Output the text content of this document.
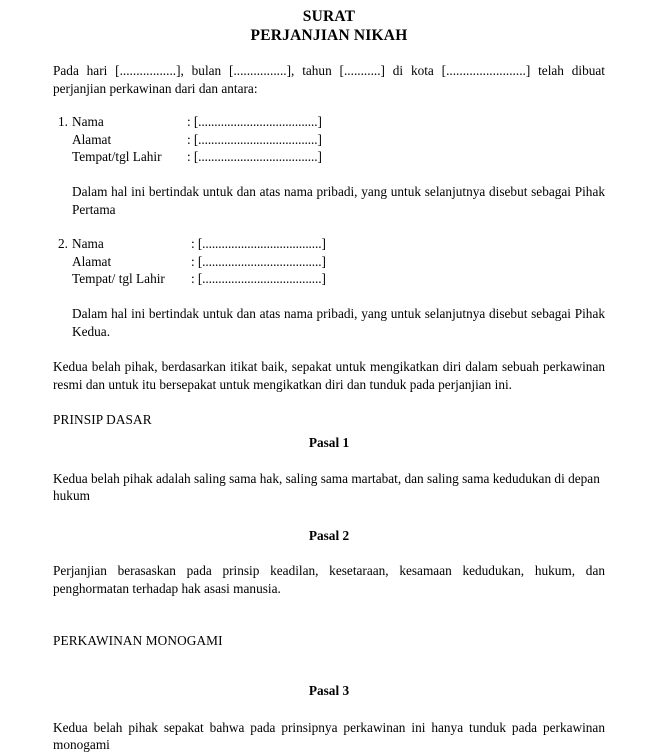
SURAT
PERJANJIAN NIKAH
Pada hari [.................], bulan [................], tahun [...........] di kota [........................] telah dibuat perjanjian perkawinan dari dan antara:
1. Nama	: [.....................................]
Alamat	: [.....................................]
Tempat/tgl Lahir : [.....................................]
Dalam hal ini bertindak untuk dan atas nama pribadi, yang untuk selanjutnya disebut sebagai Pihak Pertama
2. Nama	: [.....................................]
Alamat	: [.....................................]
Tempat/ tgl Lahir : [.....................................]
Dalam hal ini bertindak untuk dan atas nama pribadi, yang untuk selanjutnya disebut sebagai Pihak Kedua.
Kedua belah pihak, berdasarkan itikat baik, sepakat untuk mengikatkan diri dalam sebuah perkawinan resmi dan untuk itu bersepakat untuk mengikatkan diri dan tunduk pada perjanjian ini.
PRINSIP DASAR
Pasal 1
Kedua belah pihak adalah saling sama hak, saling sama martabat, dan saling sama kedudukan di depan hukum
Pasal 2
Perjanjian berasaskan pada prinsip keadilan, kesetaraan, kesamaan kedudukan, hukum, dan penghormatan terhadap hak asasi manusia.
PERKAWINAN MONOGAMI
Pasal 3
Kedua belah pihak sepakat bahwa pada prinsipnya perkawinan ini hanya tunduk pada perkawinan monogami
